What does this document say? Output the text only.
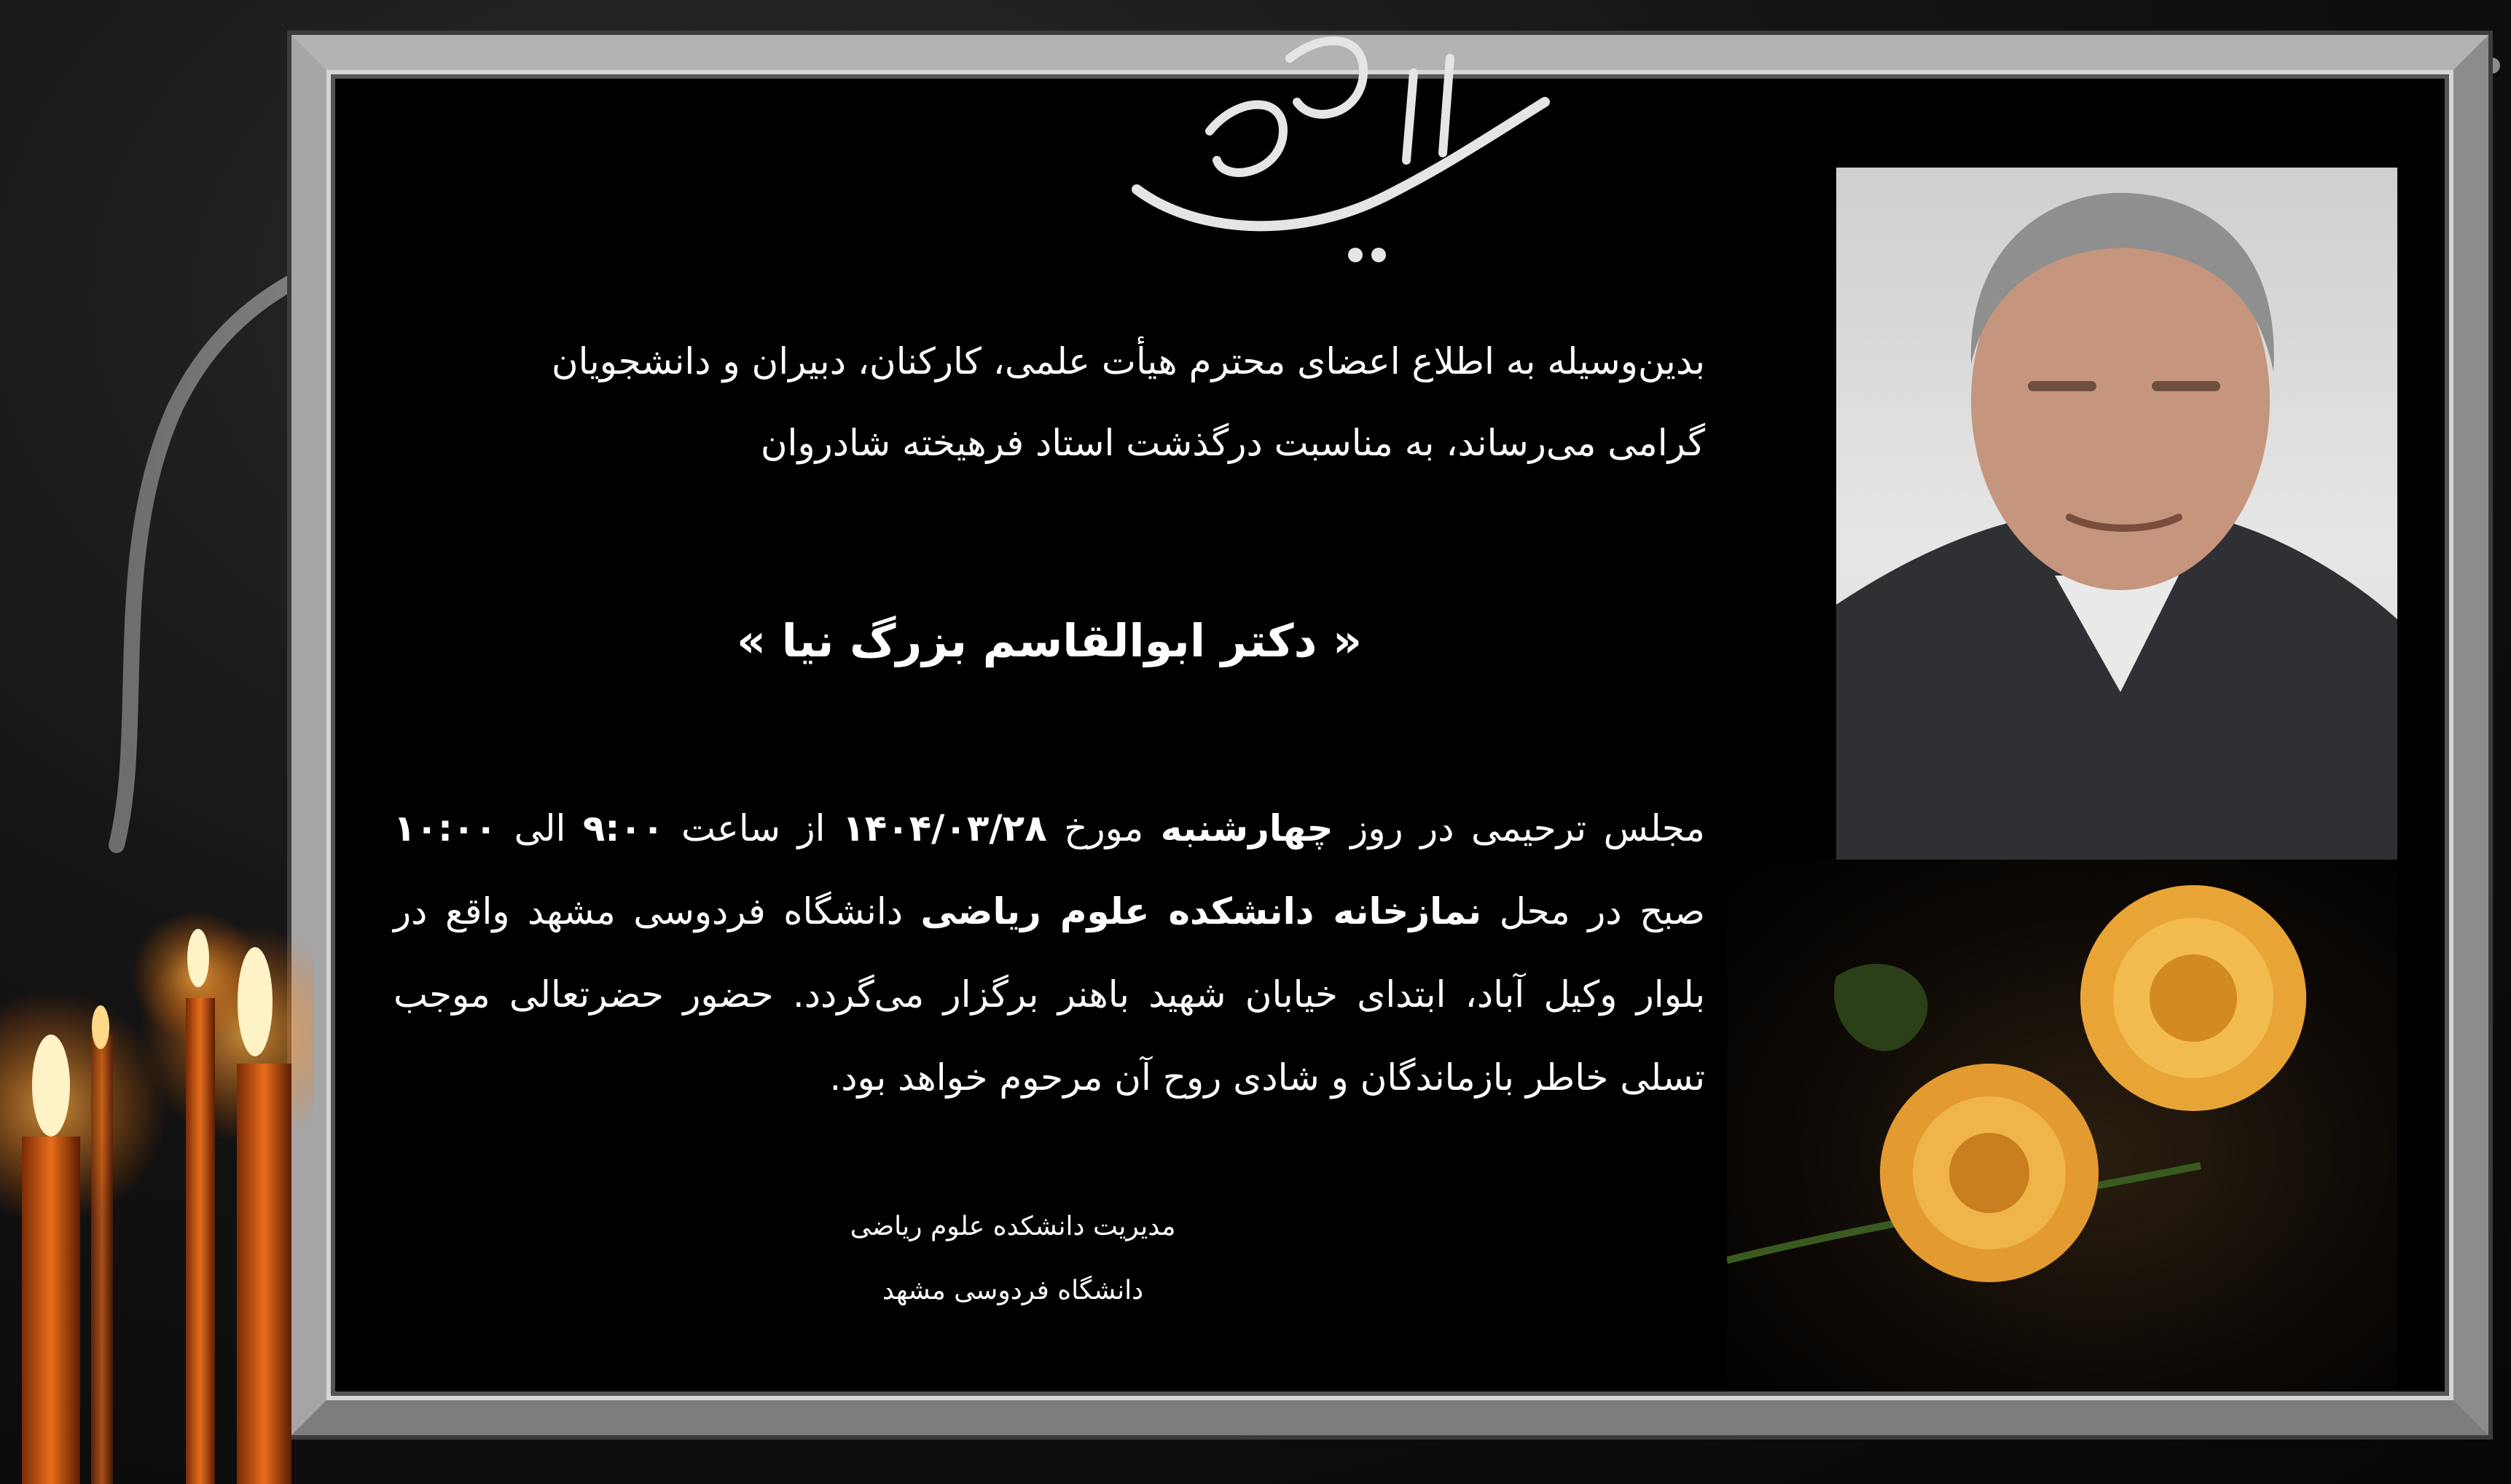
بدین‌وسیله به اطلاع اعضای محترم هیأت علمی، کارکنان، دبیران و دانشجویان

گرامی می‌رساند، به مناسبت درگذشت استاد فرهیخته شادروان

« دکتر ابوالقاسم بزرگ نیا »
مجلس ترحیمی در روز چهارشنبه مورخ ۱۴۰۴/۰۳/۲۸ از ساعت ۹:۰۰ الی ۱۰:۰۰ صبح در محل نمازخانه دانشکده علوم ریاضی دانشگاه فردوسی مشهد واقع در بلوار وکیل آباد، ابتدای خیابان شهید باهنر برگزار می‌گردد. حضور حضرتعالی موجب تسلی خاطر بازماندگان و شادی روح آن مرحوم خواهد بود.
مدیریت دانشکده علوم ریاضی
دانشگاه فردوسی مشهد
